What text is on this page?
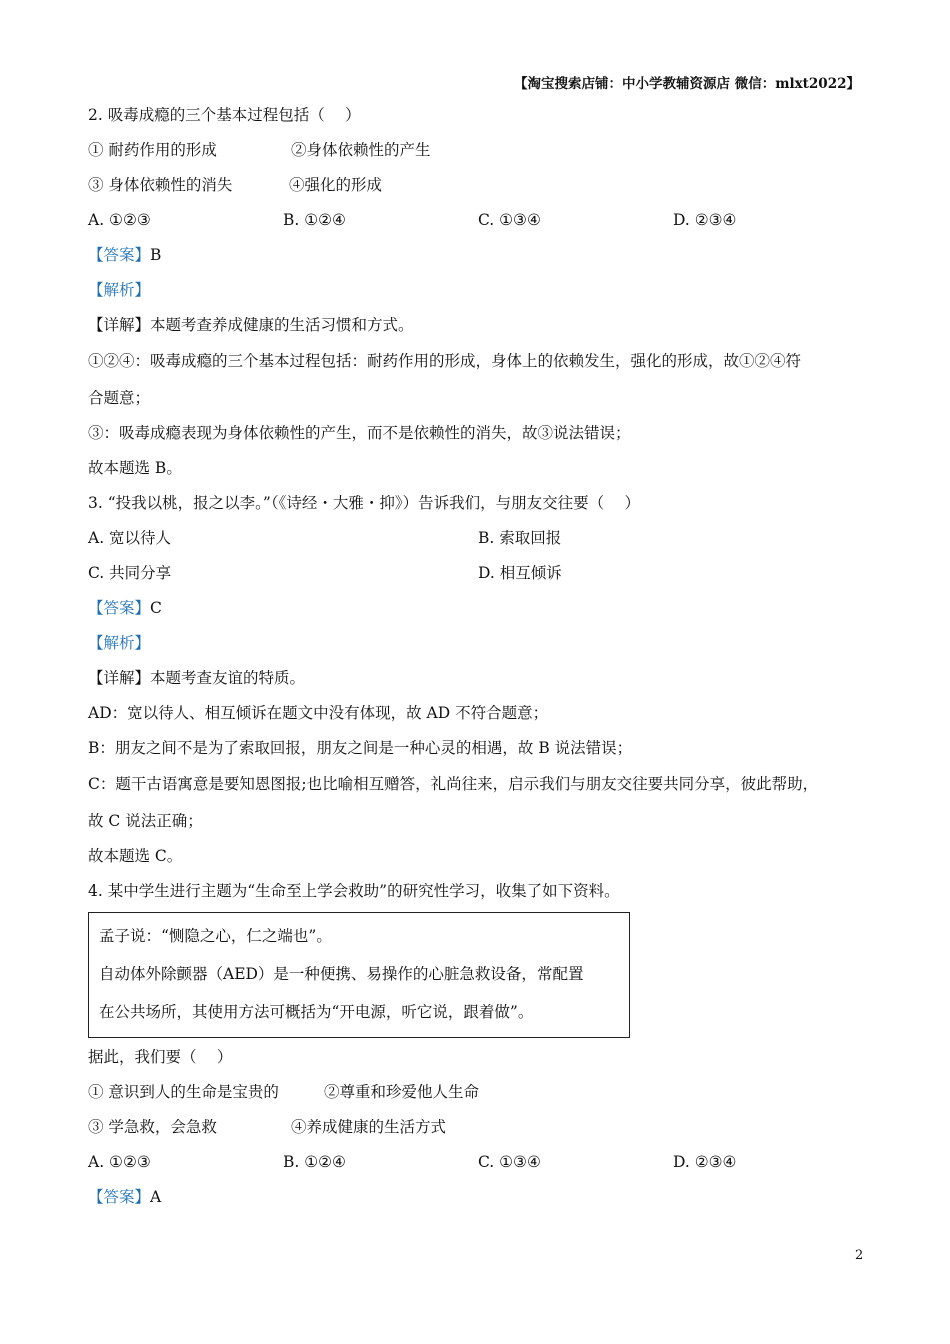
【淘宝搜索店铺：中小学教辅资源店 微信：mlxt2022】
2. 吸毒成瘾的三个基本过程包括（　 ）
① 耐药作用的形成	②身体依赖性的产生
③ 身体依赖性的消失	④强化的形成
A. ①②③	B. ①②④	C. ①③④	D. ②③④
【答案】B
【解析】
【详解】本题考查养成健康的生活习惯和方式。
①②④：吸毒成瘾的三个基本过程包括：耐药作用的形成，身体上的依赖发生，强化的形成，故①②④符
合题意；
③：吸毒成瘾表现为身体依赖性的产生，而不是依赖性的消失，故③说法错误；
故本题选 B。
3. “投我以桃，报之以李。”（《诗经・大雅・抑》）告诉我们，与朋友交往要（　 ）
A. 宽以待人	B. 索取回报
C. 共同分享	D. 相互倾诉
【答案】C
【解析】
【详解】本题考查友谊的特质。
AD：宽以待人、相互倾诉在题文中没有体现，故 AD 不符合题意；
B：朋友之间不是为了索取回报，朋友之间是一种心灵的相遇，故 B 说法错误；
C：题干古语寓意是要知恩图报;也比喻相互赠答，礼尚往来，启示我们与朋友交往要共同分享，彼此帮助，
故 C 说法正确；
故本题选 C。
4. 某中学生进行主题为“生命至上学会救助”的研究性学习，收集了如下资料。
孟子说：“恻隐之心，仁之端也”。
自动体外除颤器（AED）是一种便携、易操作的心脏急救设备，常配置
在公共场所，其使用方法可概括为“开电源，听它说，跟着做”。
据此，我们要（　 ）
① 意识到人的生命是宝贵的	②尊重和珍爱他人生命
③ 学急救，会急救	④养成健康的生活方式
A. ①②③	B. ①②④	C. ①③④	D. ②③④
【答案】A
2
